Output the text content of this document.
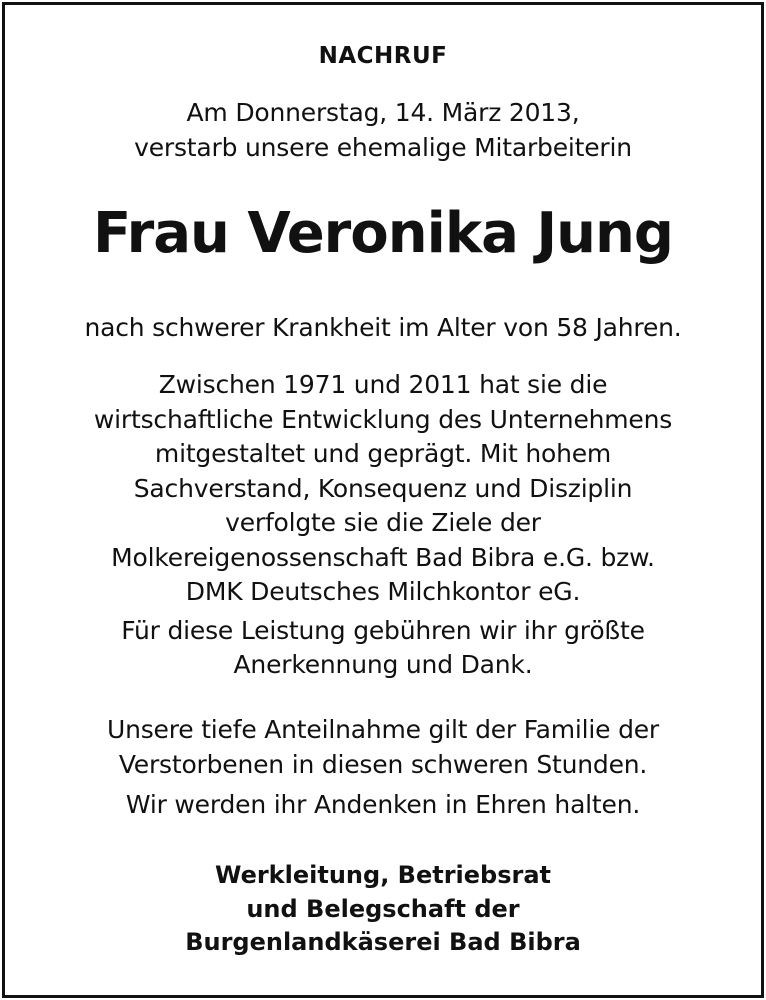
NACHRUF
Am Donnerstag, 14. März 2013,
verstarb unsere ehemalige Mitarbeiterin
Frau Veronika Jung
nach schwerer Krankheit im Alter von 58 Jahren.
Zwischen 1971 und 2011 hat sie die
wirtschaftliche Entwicklung des Unternehmens
mitgestaltet und geprägt. Mit hohem
Sachverstand, Konsequenz und Disziplin
verfolgte sie die Ziele der
Molkereigenossenschaft Bad Bibra e.G. bzw.
DMK Deutsches Milchkontor eG.
Für diese Leistung gebühren wir ihr größte
Anerkennung und Dank.
Unsere tiefe Anteilnahme gilt der Familie der
Verstorbenen in diesen schweren Stunden.
Wir werden ihr Andenken in Ehren halten.
Werkleitung, Betriebsrat
und Belegschaft der
Burgenlandkäserei Bad Bibra
